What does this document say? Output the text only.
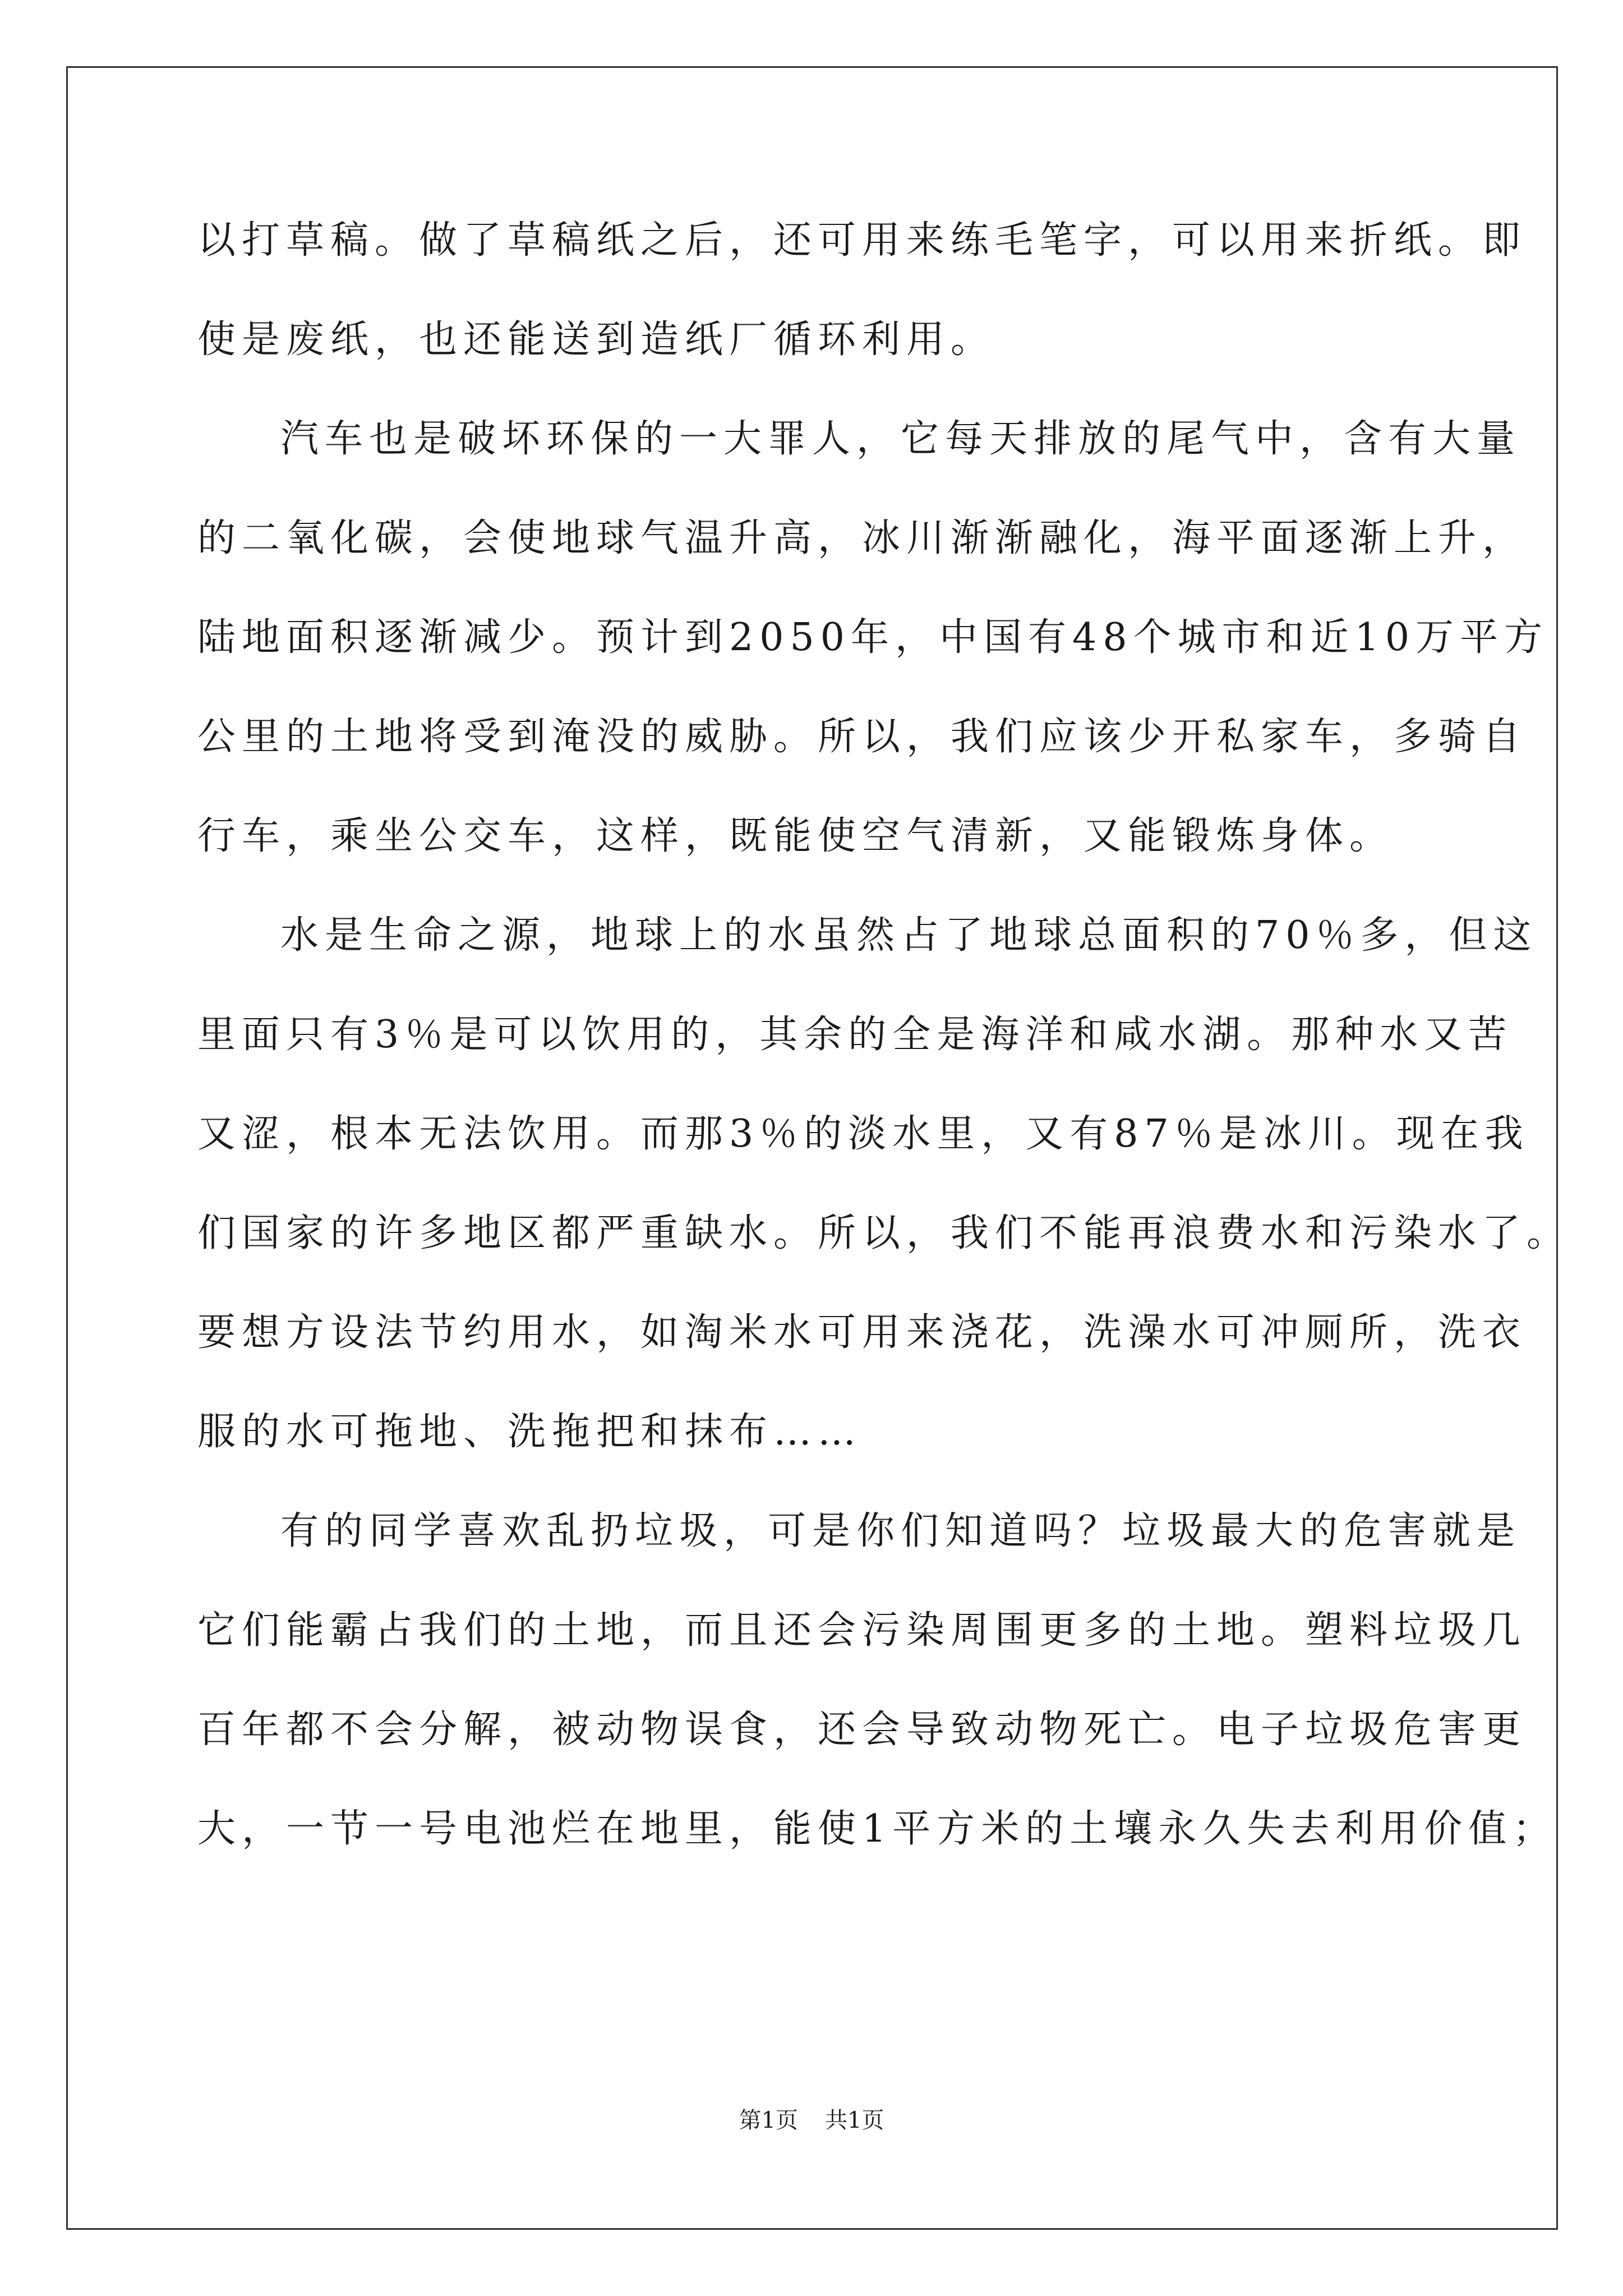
以打草稿。做了草稿纸之后，还可用来练毛笔字，可以用来折纸。即
使是废纸，也还能送到造纸厂循环利用。
汽车也是破坏环保的一大罪人，它每天排放的尾气中，含有大量
的二氧化碳，会使地球气温升高，冰川渐渐融化，海平面逐渐上升，
陆地面积逐渐减少。预计到2050年，中国有48个城市和近10万平方
公里的土地将受到淹没的威胁。所以，我们应该少开私家车，多骑自
行车，乘坐公交车，这样，既能使空气清新，又能锻炼身体。
水是生命之源，地球上的水虽然占了地球总面积的70％多，但这
里面只有3％是可以饮用的，其余的全是海洋和咸水湖。那种水又苦
又涩，根本无法饮用。而那3％的淡水里，又有87％是冰川。现在我
们国家的许多地区都严重缺水。所以，我们不能再浪费水和污染水了。
要想方设法节约用水，如淘米水可用来浇花，洗澡水可冲厕所，洗衣
服的水可拖地、洗拖把和抹布……
有的同学喜欢乱扔垃圾，可是你们知道吗？垃圾最大的危害就是
它们能霸占我们的土地，而且还会污染周围更多的土地。塑料垃圾几
百年都不会分解，被动物误食，还会导致动物死亡。电子垃圾危害更
大，一节一号电池烂在地里，能使1平方米的土壤永久失去利用价值；
第1页 共1页
